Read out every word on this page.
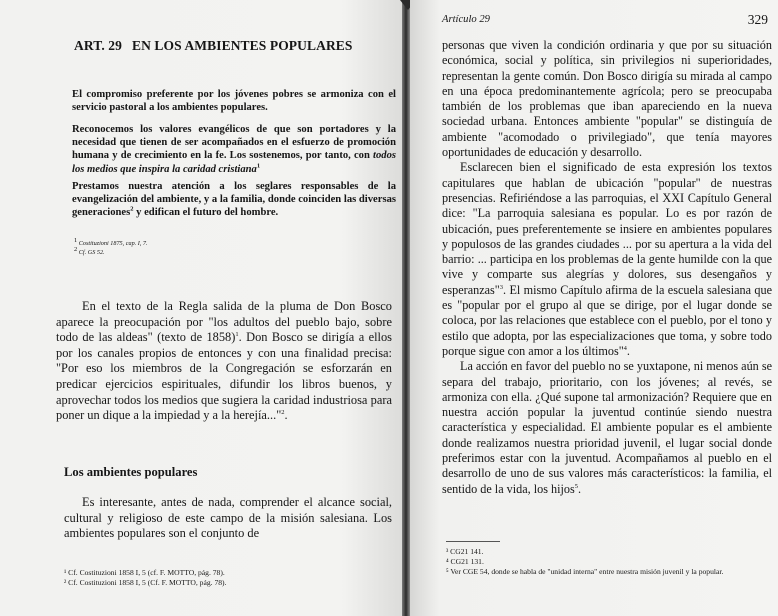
ART. 29 EN LOS AMBIENTES POPULARES

El compromiso preferente por los jóvenes pobres se armoniza con el servicio pastoral a los ambientes populares.

Reconocemos los valores evangélicos de que son portadores y la necesidad que tienen de ser acompañados en el esfuerzo de promoción humana y de crecimiento en la fe. Los sostenemos, por tanto, con todos los medios que inspira la caridad cristiana$^1$

Prestamos nuestra atención a los seglares responsables de la evangelización del ambiente, y a la familia, donde coinciden las diversas generaciones$^2$ y edifican el futuro del hombre.

1 Costituzioni 1875, cap. I, 7.

2 Cf. GS 52.

En el texto de la Regla salida de la pluma de Don Bosco aparece la preocupación por "los adultos del pueblo bajo, sobre todo de las aldeas" (texto de 1858)$^1$. Don Bosco se dirigía a ellos por los canales propios de entonces y con una finalidad precisa: "Por eso los miembros de la Congregación se esforzarán en predicar ejercicios espirituales, difundir los libros buenos, y aprovechar todos los medios que sugiera la caridad industriosa para poner un dique a la impiedad y a la herejía..."$^2$.

Los ambientes populares

Es interesante, antes de nada, comprender el alcance social, cultural y religioso de este campo de la misión salesiana. Los ambientes populares son el conjunto de

¹ Cf. Costituzioni 1858 I, 5 (cf. F. MOTTO, pág. 78).

² Cf. Costituzioni 1858 I, 5 (Cf. F. MOTTO, pág. 78).

Artículo 29	329

personas que viven la condición ordinaria y que por su situación económica, social y política, sin privilegios ni superioridades, representan la gente común. Don Bosco dirigía su mirada al campo en una época predominantemente agrícola; pero se preocupaba también de los problemas que iban apareciendo en la nueva sociedad urbana. Entonces ambiente "popular" se distinguía de ambiente "acomodado o privilegiado", que tenía mayores oportunidades de educación y desarrollo.

Esclarecen bien el significado de esta expresión los textos capitulares que hablan de ubicación "popular" de nuestras presencias. Refiriéndose a las parroquias, el XXI Capítulo General dice: "La parroquia salesiana es popular. Lo es por razón de ubicación, pues preferentemente se insiere en ambientes populares y populosos de las grandes ciudades ... por su apertura a la vida del barrio: ... participa en los problemas de la gente humilde con la que vive y comparte sus alegrías y dolores, sus desengaños y esperanzas"$^3$. El mismo Capítulo afirma de la escuela salesiana que es "popular por el grupo al que se dirige, por el lugar donde se coloca, por las relaciones que establece con el pueblo, por el tono y estilo que adopta, por las especializaciones que toma, y sobre todo porque sigue con amor a los últimos"$^4$.

La acción en favor del pueblo no se yuxtapone, ni menos aún se separa del trabajo, prioritario, con los jóvenes; al revés, se armoniza con ella. ¿Qué supone tal armonización? Requiere que en nuestra acción popular la juventud continúe siendo nuestra característica y especialidad. El ambiente popular es el ambiente donde realizamos nuestra prioridad juvenil, el lugar social donde preferimos estar con la juventud. Acompañamos al pueblo en el desarrollo de uno de sus valores más característicos: la familia, el sentido de la vida, los hijos$^5$.

³ CG21 141.

⁴ CG21 131.

⁵ Ver CGE 54, donde se habla de "unidad interna" entre nuestra misión juvenil y la popular.
